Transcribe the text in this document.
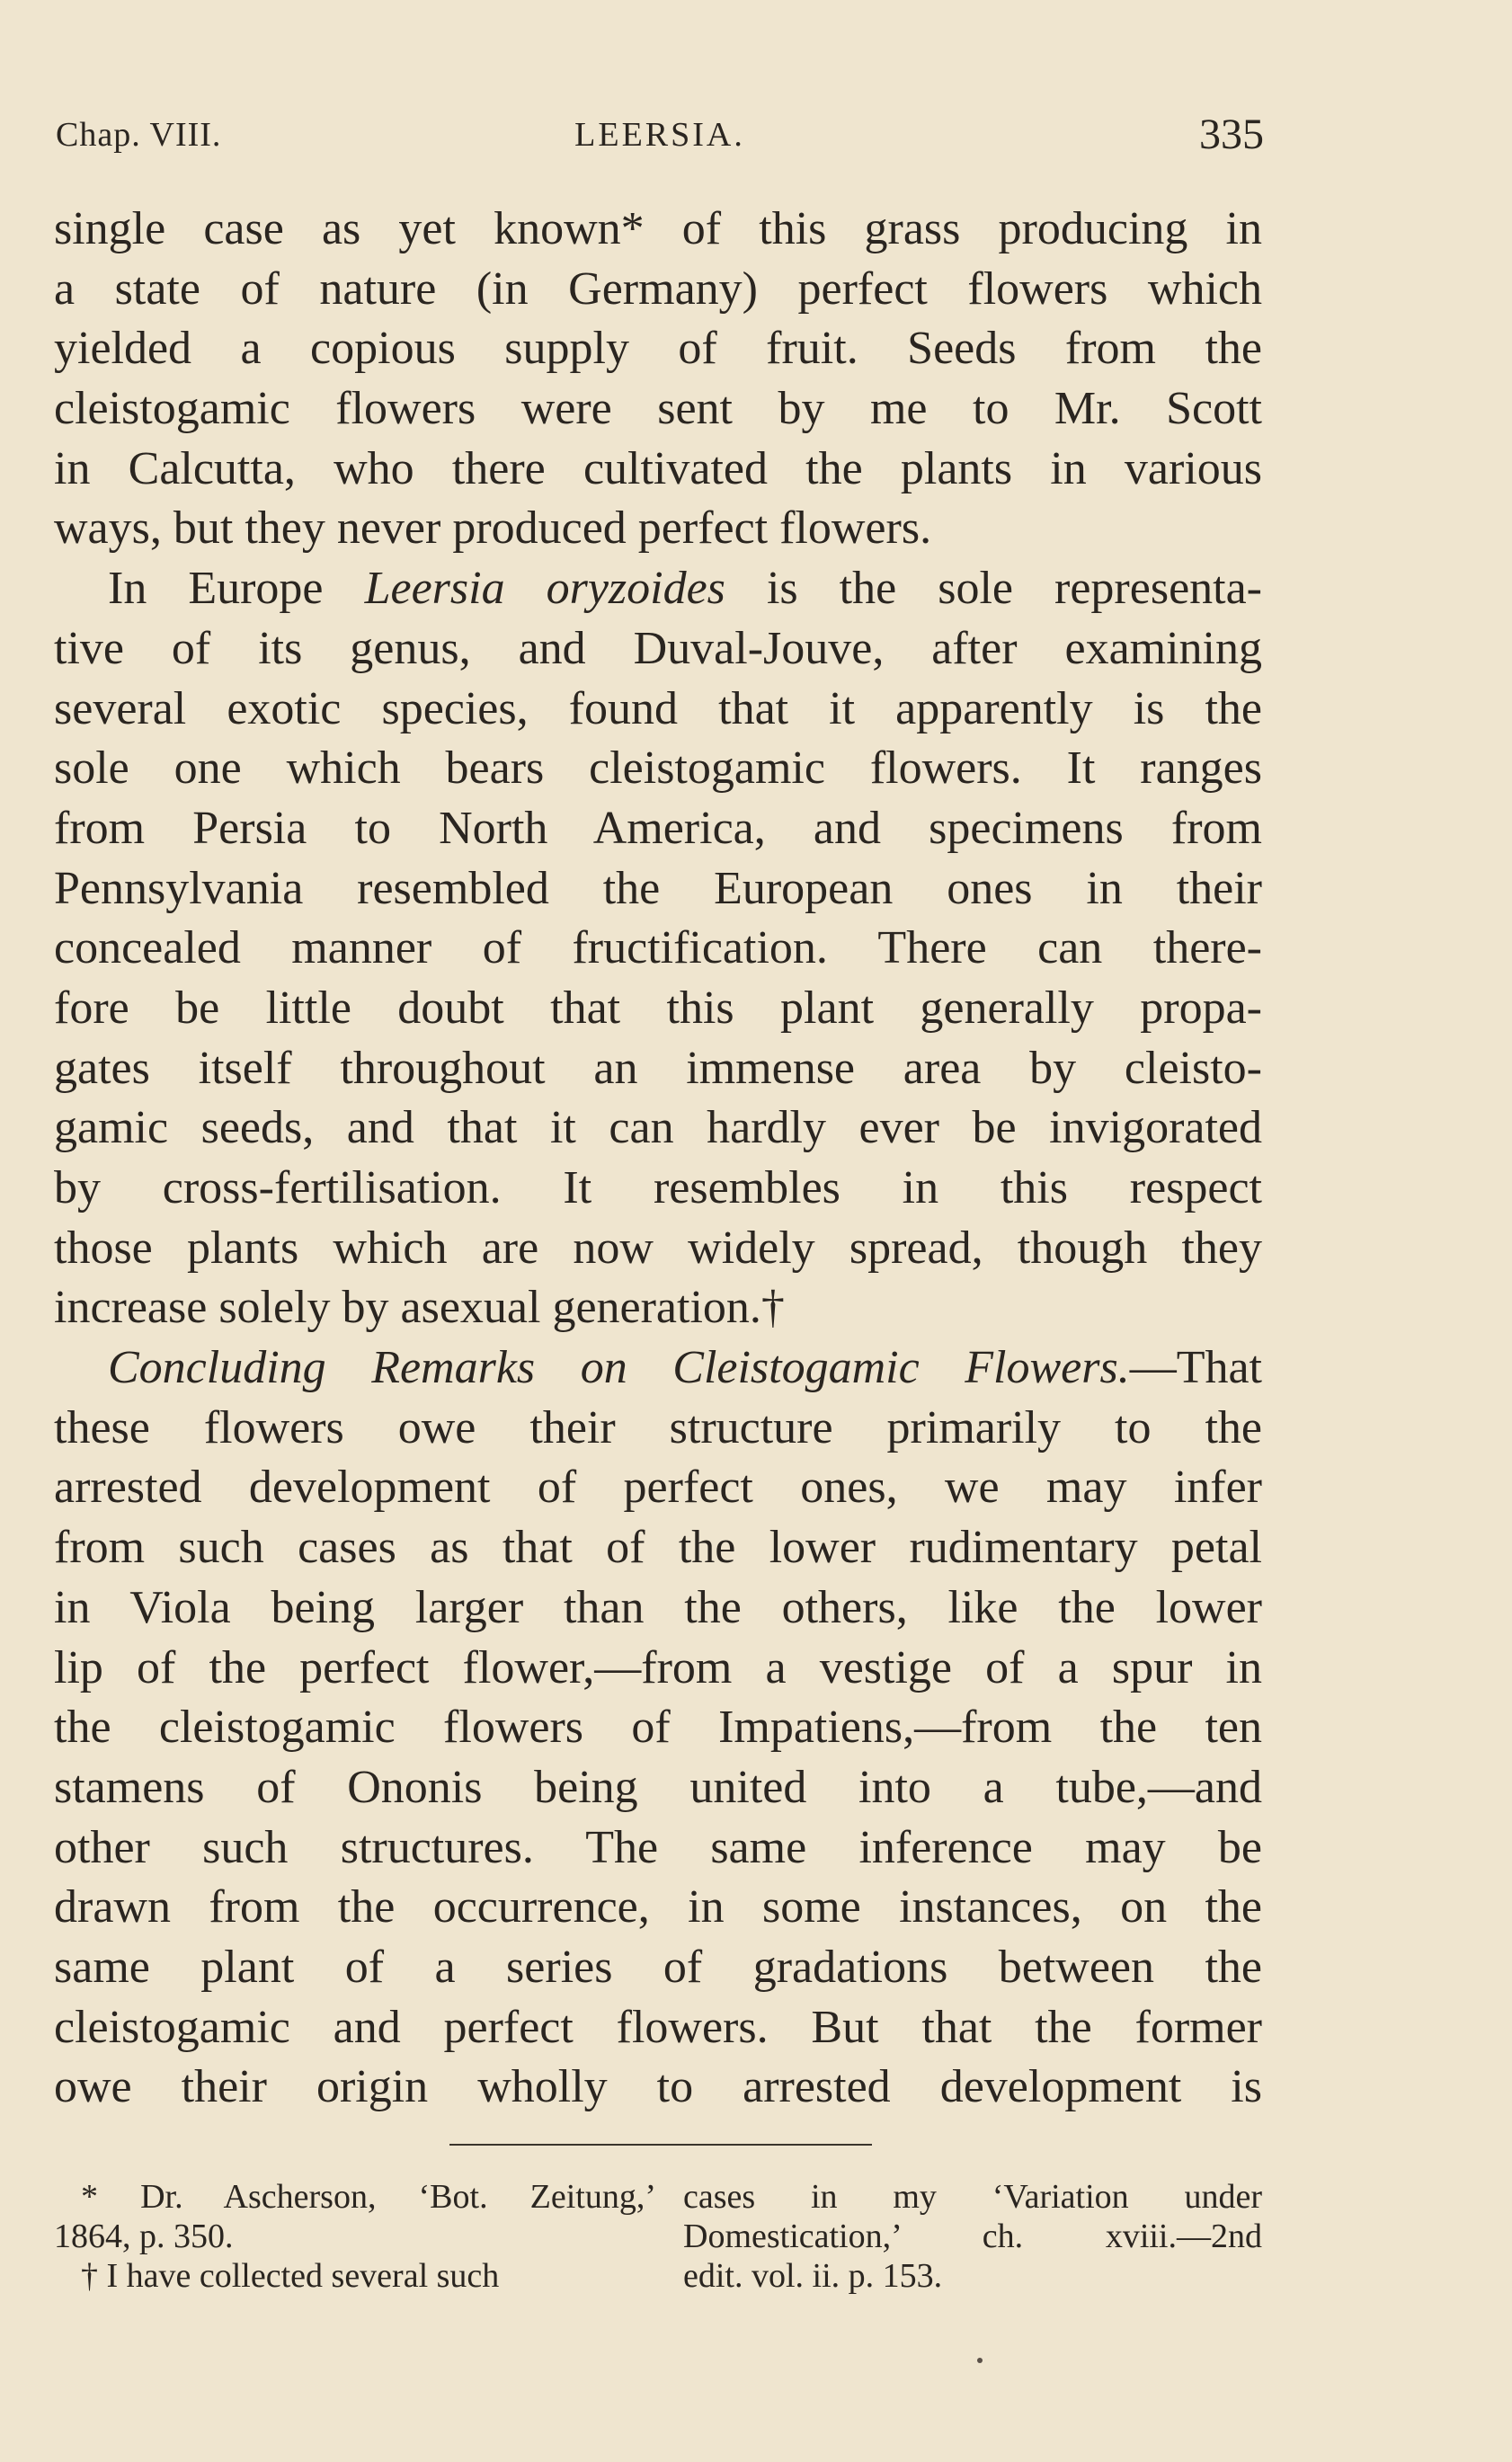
Chap. VIII.	LEERSIA.	335
single case as yet known* of this grass producing in
a state of nature (in Germany) perfect flowers which
yielded a copious supply of fruit. Seeds from the
cleistogamic flowers were sent by me to Mr. Scott
in Calcutta, who there cultivated the plants in various
ways, but they never produced perfect flowers.
In Europe Leersia oryzoides is the sole representa-
tive of its genus, and Duval-Jouve, after examining
several exotic species, found that it apparently is the
sole one which bears cleistogamic flowers. It ranges
from Persia to North America, and specimens from
Pennsylvania resembled the European ones in their
concealed manner of fructification. There can there-
fore be little doubt that this plant generally propa-
gates itself throughout an immense area by cleisto-
gamic seeds, and that it can hardly ever be invigorated
by cross-fertilisation. It resembles in this respect
those plants which are now widely spread, though they
increase solely by asexual generation.†
Concluding Remarks on Cleistogamic Flowers.—That
these flowers owe their structure primarily to the
arrested development of perfect ones, we may infer
from such cases as that of the lower rudimentary petal
in Viola being larger than the others, like the lower
lip of the perfect flower,—from a vestige of a spur in
the cleistogamic flowers of Impatiens,—from the ten
stamens of Ononis being united into a tube,—and
other such structures. The same inference may be
drawn from the occurrence, in some instances, on the
same plant of a series of gradations between the
cleistogamic and perfect flowers. But that the former
owe their origin wholly to arrested development is
* Dr. Ascherson, ‘Bot. Zeitung,’
1864, p. 350.
† I have collected several such
cases in my ‘Variation under
Domestication,’ ch. xviii.—2nd
edit. vol. ii. p. 153.
